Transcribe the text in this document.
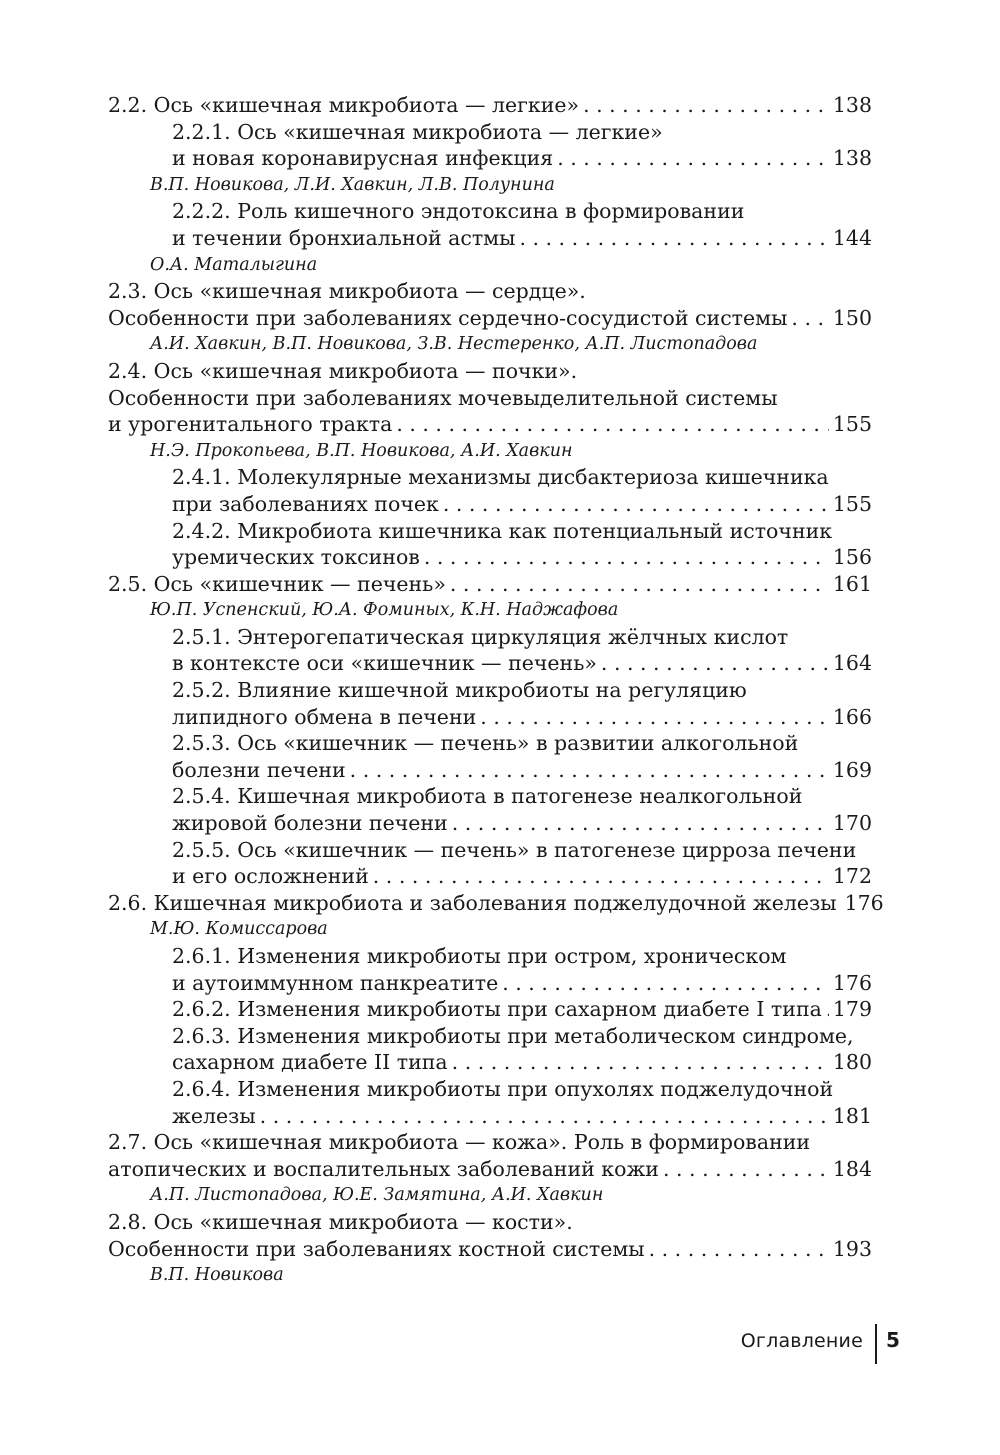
2.2. Ось «кишечная микробиота — легкие» . . .	138
2.2.1. Ось «кишечная микробиота — легкие»
и новая коронавирусная инфекция . . .	138
В.П. Новикова, Л.И. Хавкин, Л.В. Полунина
2.2.2. Роль кишечного эндотоксина в формировании
и течении бронхиальной астмы . . .	144
О.А. Маталыгина
2.3. Ось «кишечная микробиота — сердце».
Особенности при заболеваниях сердечно-сосудистой системы . . . 150
А.И. Хавкин, В.П. Новикова, З.В. Нестеренко, А.П. Листопадова
2.4. Ось «кишечная микробиота — почки».
Особенности при заболеваниях мочевыделительной системы
и урогенитального тракта . . .	155
Н.Э. Прокопьева, В.П. Новикова, А.И. Хавкин
2.4.1. Молекулярные механизмы дисбактериоза кишечника
при заболеваниях почек . . .	155
2.4.2. Микробиота кишечника как потенциальный источник
уремических токсинов . . .	156
2.5. Ось «кишечник — печень» . . .	161
Ю.П. Успенский, Ю.А. Фоминых, К.Н. Наджафова
2.5.1. Энтерогепатическая циркуляция жёлчных кислот
в контексте оси «кишечник — печень» . . .	164
2.5.2. Влияние кишечной микробиоты на регуляцию
липидного обмена в печени . . .	166
2.5.3. Ось «кишечник — печень» в развитии алкогольной
болезни печени . . .	169
2.5.4. Кишечная микробиота в патогенезе неалкогольной
жировой болезни печени . . .	170
2.5.5. Ось «кишечник — печень» в патогенезе цирроза печени
и его осложнений . . .	172
2.6. Кишечная микробиота и заболевания поджелудочной железы 176
М.Ю. Комиссарова
2.6.1. Изменения микробиоты при остром, хроническом
и аутоиммунном панкреатите . . .	176
2.6.2. Изменения микробиоты при сахарном диабете I типа . . . 179
2.6.3. Изменения микробиоты при метаболическом синдроме,
сахарном диабете II типа . . .	180
2.6.4. Изменения микробиоты при опухолях поджелудочной
железы . . .	181
2.7. Ось «кишечная микробиота — кожа». Роль в формировании
атопических и воспалительных заболеваний кожи . . .	184
А.П. Листопадова, Ю.Е. Замятина, А.И. Хавкин
2.8. Ось «кишечная микробиота — кости».
Особенности при заболеваниях костной системы . . .	193
В.П. Новикова
Оглавление 5
